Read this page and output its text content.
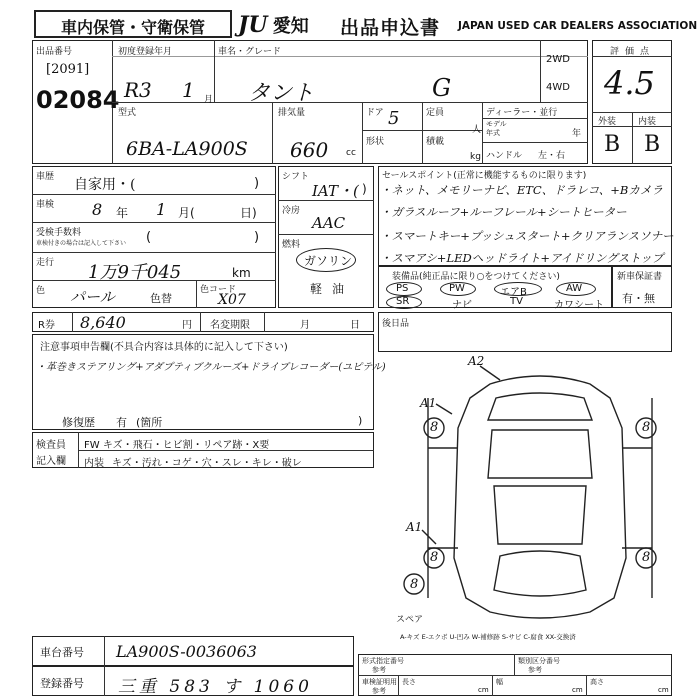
車内保管・守衛保管	JU 愛知 出品申込書 JAPAN USED CAR DEALERS ASSOCIATION
出品番号
[2091]
02084
初度登録年月
R3 1 月
車名・グレード
タント	G
2WD
4WD
評価点
4.5
外装 内装
B B
型式
6BA-LA900S
排気量
660 cc
ドア 5
形状
定員
人
積載
kg
ディーラー・並行
モデル
年式	年
ハンドル 左・右
車歴 自家用・(	)
車検 8 年 1 月(	日)
受検手数料
車検付きの場合は記入して下さい (	)
走行 1万9千045	km
色 パール	色替
色コード
X07
シフト
IAT・( )
冷房
AAC
燃料
ガソリン
軽油
セールスポイント(正常に機能するものに限ります)
・ネット、メモリーナビ、ETC、ドラレコ、+Bカメラ
・ガラスルーフ+ルーフレール+シートヒーター
・スマートキー+プッシュスタート+クリアランスソナー
・スマアシ+LEDヘッドライト+アイドリングストップ
装備品(純正品に限り○をつけてください)
PS	PW	エアB	AW
SR	ナビ	TV	カワシート
新車保証書
有・無
R券 8,640	円 名変期限	月	日 後日品
注意事項申告欄(不具合内容は具体的に記入して下さい)
・革巻きステアリング+アダプティブクルーズ+ドライブレコーダー(ユピテル)
修復歴 有 (箇所	)
検査員
記入欄
FW キズ・飛石・ヒビ割・リペア跡・X要
内装 キズ・汚れ・コゲ・穴・スレ・キレ・破レ
A2
A1
A1
8	8
8	8
8
スペア
A-キズ E-エクボ U-凹み W-補修跡 S-サビ C-腐食 XX-交換済
車台番号 LA900S-0036063
登録番号 三重 583 す 1060
形式指定番号
参考
類別区分番号
参考
車検証明用
参考
長さ
cm
幅
cm
高さ
cm
